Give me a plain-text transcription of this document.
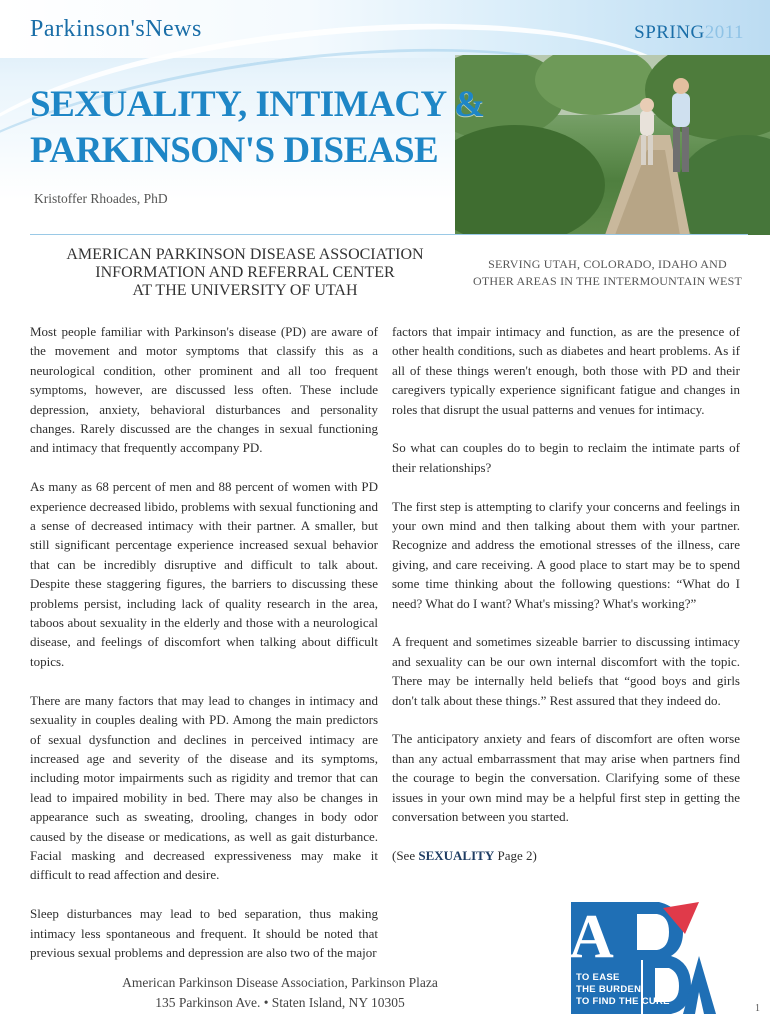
Parkinson'sNews	SPRING2011
SEXUALITY, INTIMACY &
PARKINSON'S DISEASE
Kristoffer Rhoades, PhD
AMERICAN PARKINSON DISEASE ASSOCIATION
INFORMATION AND REFERRAL CENTER
AT THE UNIVERSITY OF UTAH
SERVING UTAH, COLORADO, IDAHO AND
OTHER AREAS IN THE INTERMOUNTAIN WEST

Most people familiar with Parkinson's disease (PD) are aware of the movement and motor symptoms that classify this as a neurological condition, other prominent and all too frequent symptoms, however, are discussed less often. These include depression, anxiety, behavioral disturbances and personality changes. Rarely discussed are the changes in sexual functioning and intimacy that frequently accompany PD.

As many as 68 percent of men and 88 percent of women with PD experience decreased libido, problems with sexual functioning and a sense of decreased intimacy with their partner. A smaller, but still significant percentage experience increased sexual behavior that can be incredibly disruptive and difficult to talk about. Despite these staggering figures, the barriers to discussing these problems persist, including lack of quality research in the area, taboos about sexuality in the elderly and those with a neurological disease, and feelings of discomfort when talking about difficult topics.

There are many factors that may lead to changes in intimacy and sexuality in couples dealing with PD. Among the main predictors of sexual dysfunction and declines in perceived intimacy are increased age and severity of the disease and its symptoms, including motor impairments such as rigidity and tremor that can lead to impaired mobility in bed. There may also be changes in appearance such as sweating, drooling, changes in body odor caused by the disease or medications, as well as gait disturbance. Facial masking and decreased expressiveness may make it difficult to read affection and desire.

Sleep disturbances may lead to bed separation, thus making intimacy less spontaneous and frequent. It should be noted that previous sexual problems and depression are also two of the major

factors that impair intimacy and function, as are the presence of other health conditions, such as diabetes and heart problems. As if all of these things weren't enough, both those with PD and their caregivers typically experience significant fatigue and changes in roles that disrupt the usual patterns and venues for intimacy.

So what can couples do to begin to reclaim the intimate parts of their relationships?

The first step is attempting to clarify your concerns and feelings in your own mind and then talking about them with your partner. Recognize and address the emotional stresses of the illness, care giving, and care receiving. A good place to start may be to spend some time thinking about the following questions: “What do I need? What do I want? What's missing? What's working?”

A frequent and sometimes sizeable barrier to discussing intimacy and sexuality can be our own internal discomfort with the topic. There may be internally held beliefs that “good boys and girls don't talk about these things.” Rest assured that they indeed do.

The anticipatory anxiety and fears of discomfort are often worse than any actual embarrassment that may arise when partners find the courage to begin the conversation. Clarifying some of these issues in your own mind may be a helpful first step in getting the conversation between you started.

(See SEXUALITY Page 2)

American Parkinson Disease Association, Parkinson Plaza
135 Parkinson Ave. • Staten Island, NY 10305	1
A
TO EASE
THE BURDEN
TO FIND THE CURE
